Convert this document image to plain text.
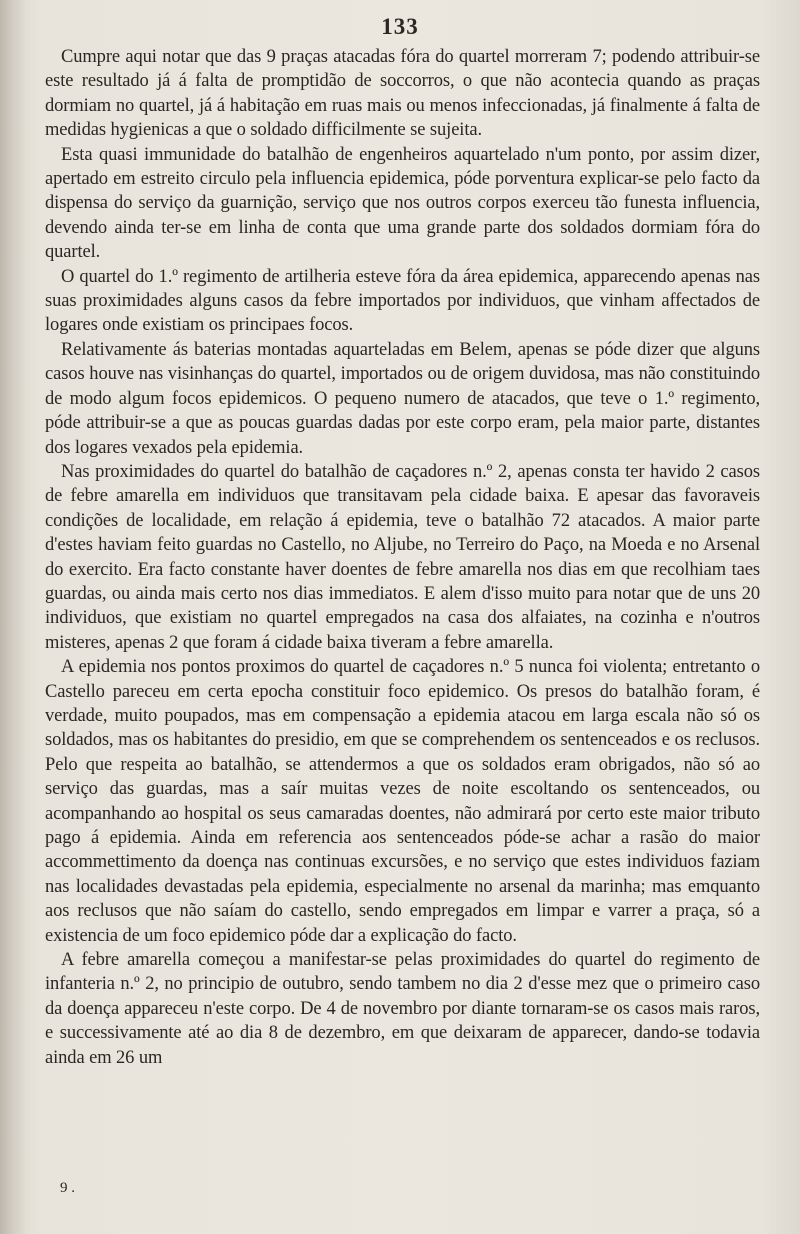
133

Cumpre aqui notar que das 9 praças atacadas fóra do quartel morreram 7; podendo attribuir-se este resultado já á falta de promptidão de soccorros, o que não acontecia quando as praças dormiam no quartel, já á habitação em ruas mais ou menos infeccionadas, já finalmente á falta de medidas hygienicas a que o soldado difficilmente se sujeita.

Esta quasi immunidade do batalhão de engenheiros aquartelado n'um ponto, por assim dizer, apertado em estreito circulo pela influencia epidemica, póde porventura explicar-se pelo facto da dispensa do serviço da guarnição, serviço que nos outros corpos exerceu tão funesta influencia, devendo ainda ter-se em linha de conta que uma grande parte dos soldados dormiam fóra do quartel.

O quartel do 1.º regimento de artilheria esteve fóra da área epidemica, apparecendo apenas nas suas proximidades alguns casos da febre importados por individuos, que vinham affectados de logares onde existiam os principaes focos.

Relativamente ás baterias montadas aquarteladas em Belem, apenas se póde dizer que alguns casos houve nas visinhanças do quartel, importados ou de origem duvidosa, mas não constituindo de modo algum focos epidemicos. O pequeno numero de atacados, que teve o 1.º regimento, póde attribuir-se a que as poucas guardas dadas por este corpo eram, pela maior parte, distantes dos logares vexados pela epidemia.

Nas proximidades do quartel do batalhão de caçadores n.º 2, apenas consta ter havido 2 casos de febre amarella em individuos que transitavam pela cidade baixa. E apesar das favoraveis condições de localidade, em relação á epidemia, teve o batalhão 72 atacados. A maior parte d'estes haviam feito guardas no Castello, no Aljube, no Terreiro do Paço, na Moeda e no Arsenal do exercito. Era facto constante haver doentes de febre amarella nos dias em que recolhiam taes guardas, ou ainda mais certo nos dias immediatos. E alem d'isso muito para notar que de uns 20 individuos, que existiam no quartel empregados na casa dos alfaiates, na cozinha e n'outros misteres, apenas 2 que foram á cidade baixa tiveram a febre amarella.

A epidemia nos pontos proximos do quartel de caçadores n.º 5 nunca foi violenta; entretanto o Castello pareceu em certa epocha constituir foco epidemico. Os presos do batalhão foram, é verdade, muito poupados, mas em compensação a epidemia atacou em larga escala não só os soldados, mas os habitantes do presidio, em que se comprehendem os sentenceados e os reclusos. Pelo que respeita ao batalhão, se attendermos a que os soldados eram obrigados, não só ao serviço das guardas, mas a saír muitas vezes de noite escoltando os sentenceados, ou acompanhando ao hospital os seus camaradas doentes, não admirará por certo este maior tributo pago á epidemia. Ainda em referencia aos sentenceados póde-se achar a rasão do maior accommettimento da doença nas continuas excursões, e no serviço que estes individuos faziam nas localidades devastadas pela epidemia, especialmente no arsenal da marinha; mas emquanto aos reclusos que não saíam do castello, sendo empregados em limpar e varrer a praça, só a existencia de um foco epidemico póde dar a explicação do facto.

A febre amarella começou a manifestar-se pelas proximidades do quartel do regimento de infanteria n.º 2, no principio de outubro, sendo tambem no dia 2 d'esse mez que o primeiro caso da doença appareceu n'este corpo. De 4 de novembro por diante tornaram-se os casos mais raros, e successivamente até ao dia 8 de dezembro, em que deixaram de apparecer, dando-se todavia ainda em 26 um

9 .
